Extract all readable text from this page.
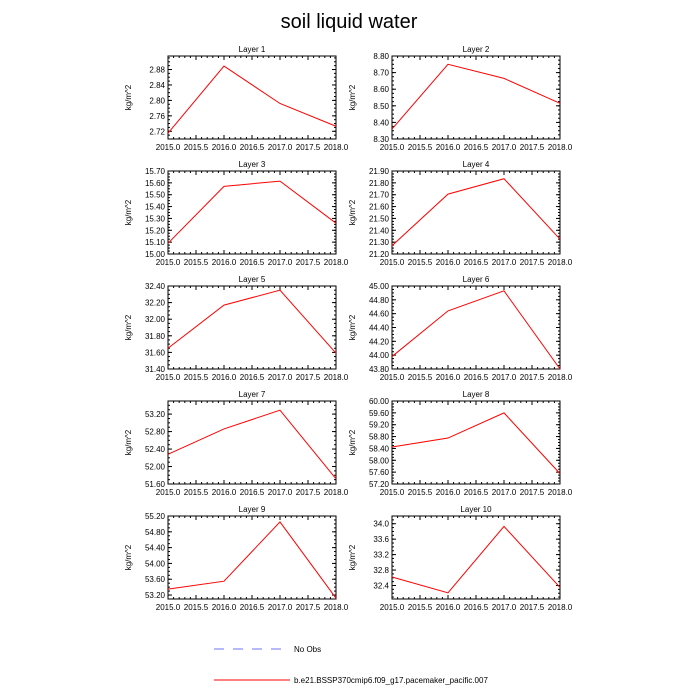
soil liquid water
Layer 1
2015.0 2015.5 2016.0 2016.5 2017.0 2017.5 2018.0
2.72
2.76
2.80
2.84
2.88
kg/m^2
Layer 2
2015.0 2015.5 2016.0 2016.5 2017.0 2017.5 2018.0
8.30
8.40
8.50
8.60
8.70
8.80
kg/m^2
Layer 3
2015.0 2015.5 2016.0 2016.5 2017.0 2017.5 2018.0
15.00
15.10
15.20
15.30
15.40
15.50
15.60
15.70
kg/m^2
Layer 4
2015.0 2015.5 2016.0 2016.5 2017.0 2017.5 2018.0
21.20
21.30
21.40
21.50
21.60
21.70
21.80
21.90
kg/m^2
Layer 5
2015.0 2015.5 2016.0 2016.5 2017.0 2017.5 2018.0
31.40
31.60
31.80
32.00
32.20
32.40
kg/m^2
Layer 6
2015.0 2015.5 2016.0 2016.5 2017.0 2017.5 2018.0
43.80
44.00
44.20
44.40
44.60
44.80
45.00
kg/m^2
Layer 7
2015.0 2015.5 2016.0 2016.5 2017.0 2017.5 2018.0
51.60
52.00
52.40
52.80
53.20
kg/m^2
Layer 8
2015.0 2015.5 2016.0 2016.5 2017.0 2017.5 2018.0
57.20
57.60
58.00
58.40
58.80
59.20
59.60
60.00
kg/m^2
Layer 9
2015.0 2015.5 2016.0 2016.5 2017.0 2017.5 2018.0
53.20
53.60
54.00
54.40
54.80
55.20
kg/m^2
Layer 10
2015.0 2015.5 2016.0 2016.5 2017.0 2017.5 2018.0
32.4
32.8
33.2
33.6
34.0
kg/m^2
No Obs
b.e21.BSSP370cmip6.f09_g17.pacemaker_pacific.007
